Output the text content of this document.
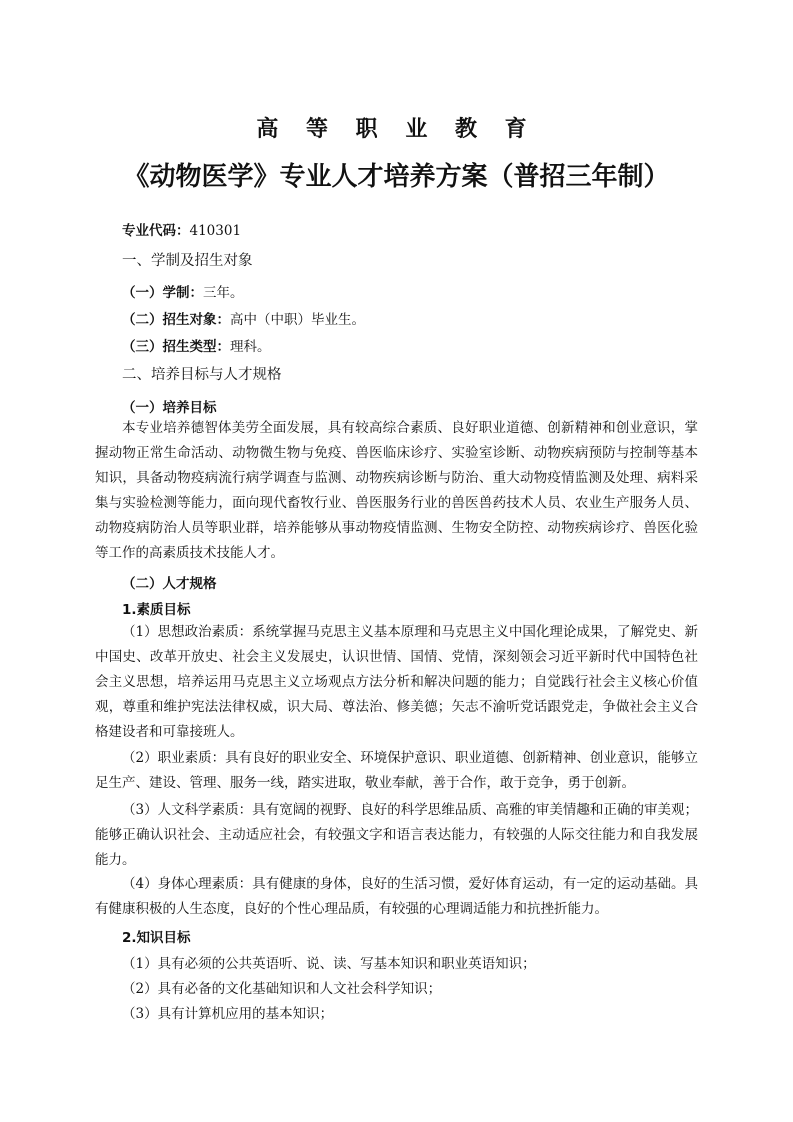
高 等 职 业 教 育
《动物医学》专业人才培养方案（普招三年制）
专业代码：410301
一、学制及招生对象
（一）学制：三年。
（二）招生对象：高中（中职）毕业生。
（三）招生类型：理科。
二、培养目标与人才规格
（一）培养目标
本专业培养德智体美劳全面发展，具有较高综合素质、良好职业道德、创新精神和创业意识，掌握动物正常生命活动、动物微生物与免疫、兽医临床诊疗、实验室诊断、动物疾病预防与控制等基本知识，具备动物疫病流行病学调查与监测、动物疾病诊断与防治、重大动物疫情监测及处理、病料采集与实验检测等能力，面向现代畜牧行业、兽医服务行业的兽医兽药技术人员、农业生产服务人员、动物疫病防治人员等职业群，培养能够从事动物疫情监测、生物安全防控、动物疾病诊疗、兽医化验等工作的高素质技术技能人才。
（二）人才规格
1.素质目标
（1）思想政治素质：系统掌握马克思主义基本原理和马克思主义中国化理论成果，了解党史、新中国史、改革开放史、社会主义发展史，认识世情、国情、党情，深刻领会习近平新时代中国特色社会主义思想，培养运用马克思主义立场观点方法分析和解决问题的能力；自觉践行社会主义核心价值观，尊重和维护宪法法律权威，识大局、尊法治、修美德；矢志不渝听党话跟党走，争做社会主义合格建设者和可靠接班人。
（2）职业素质：具有良好的职业安全、环境保护意识、职业道德、创新精神、创业意识，能够立足生产、建设、管理、服务一线，踏实进取，敬业奉献，善于合作，敢于竞争，勇于创新。
（3）人文科学素质：具有宽阔的视野、良好的科学思维品质、高雅的审美情趣和正确的审美观；能够正确认识社会、主动适应社会，有较强文字和语言表达能力，有较强的人际交往能力和自我发展能力。
（4）身体心理素质：具有健康的身体，良好的生活习惯，爱好体育运动，有一定的运动基础。具有健康积极的人生态度，良好的个性心理品质，有较强的心理调适能力和抗挫折能力。
2.知识目标
（1）具有必须的公共英语听、说、读、写基本知识和职业英语知识；
（2）具有必备的文化基础知识和人文社会科学知识；
（3）具有计算机应用的基本知识；
